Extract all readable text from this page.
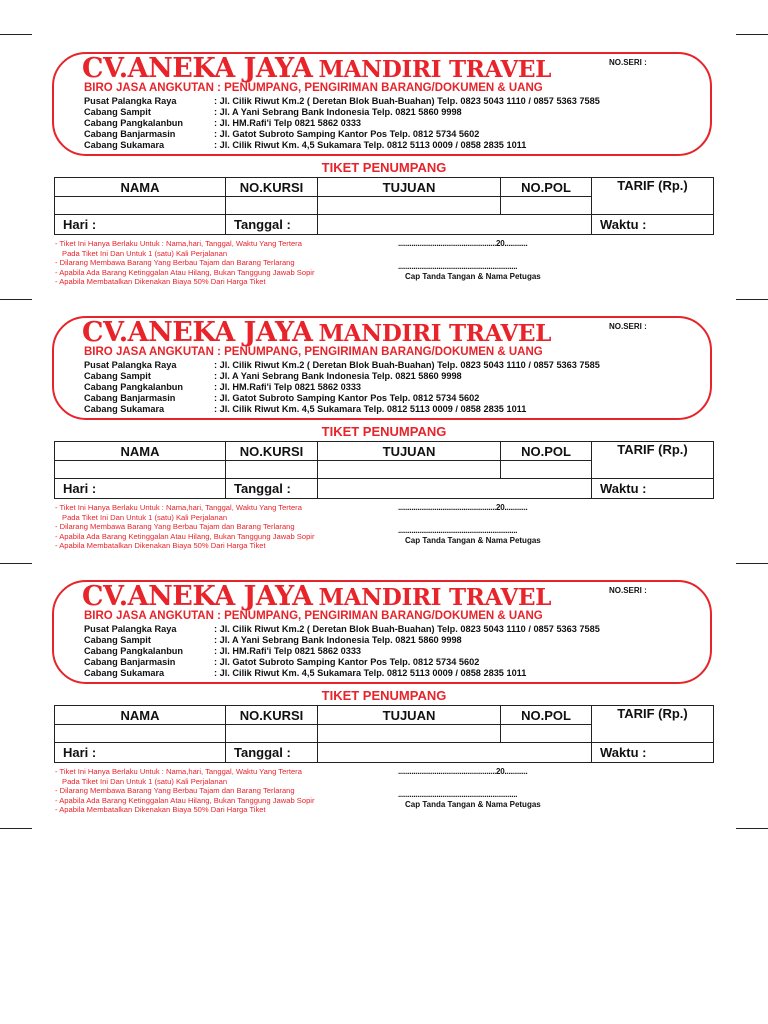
CV.ANEKA JAYA MANDIRI TRAVEL	NO.SERI :
BIRO JASA ANGKUTAN : PENUMPANG, PENGIRIMAN BARANG/DOKUMEN & UANG
Pusat Palangka Raya	: Jl. Cilik Riwut Km.2 ( Deretan Blok Buah-Buahan) Telp. 0823 5043 1110 / 0857 5363 7585
Cabang Sampit	: Jl. A Yani Sebrang Bank Indonesia Telp. 0821 5860 9998
Cabang Pangkalanbun	: Jl. HM.Rafi'i Telp 0821 5862 0333
Cabang Banjarmasin	: Jl. Gatot Subroto Samping Kantor Pos Telp. 0812 5734 5602
Cabang Sukamara	: Jl. Cilik Riwut Km. 4,5 Sukamara Telp. 0812 5113 0009 / 0858 2835 1011
TIKET PENUMPANG
NAMA	NO.KURSI	TUJUAN	NO.POL	TARIF (Rp.)

Hari :	Tanggal :			Waktu :
- Tiket Ini Hanya Berlaku Untuk : Nama,hari, Tanggal, Waktu Yang Tertera
Pada Tiket Ini Dan Untuk 1 (satu) Kali Perjalanan
- Dilarang Membawa Barang Yang Berbau Tajam dan Barang Terlarang
- Apabila Ada Barang Ketinggalan Atau Hilang, Bukan Tanggung Jawab Sopir
- Apabila Membatalkan Dikenakan Biaya 50% Dari Harga Tiket
...................................................20............
..............................................................
Cap Tanda Tangan & Nama Petugas
CV.ANEKA JAYA MANDIRI TRAVEL	NO.SERI :
BIRO JASA ANGKUTAN : PENUMPANG, PENGIRIMAN BARANG/DOKUMEN & UANG
Pusat Palangka Raya	: Jl. Cilik Riwut Km.2 ( Deretan Blok Buah-Buahan) Telp. 0823 5043 1110 / 0857 5363 7585
Cabang Sampit	: Jl. A Yani Sebrang Bank Indonesia Telp. 0821 5860 9998
Cabang Pangkalanbun	: Jl. HM.Rafi'i Telp 0821 5862 0333
Cabang Banjarmasin	: Jl. Gatot Subroto Samping Kantor Pos Telp. 0812 5734 5602
Cabang Sukamara	: Jl. Cilik Riwut Km. 4,5 Sukamara Telp. 0812 5113 0009 / 0858 2835 1011
TIKET PENUMPANG
NAMA	NO.KURSI	TUJUAN	NO.POL	TARIF (Rp.)

Hari :	Tanggal :			Waktu :
- Tiket Ini Hanya Berlaku Untuk : Nama,hari, Tanggal, Waktu Yang Tertera
Pada Tiket Ini Dan Untuk 1 (satu) Kali Perjalanan
- Dilarang Membawa Barang Yang Berbau Tajam dan Barang Terlarang
- Apabila Ada Barang Ketinggalan Atau Hilang, Bukan Tanggung Jawab Sopir
- Apabila Membatalkan Dikenakan Biaya 50% Dari Harga Tiket
...................................................20............
..............................................................
Cap Tanda Tangan & Nama Petugas
CV.ANEKA JAYA MANDIRI TRAVEL	NO.SERI :
BIRO JASA ANGKUTAN : PENUMPANG, PENGIRIMAN BARANG/DOKUMEN & UANG
Pusat Palangka Raya	: Jl. Cilik Riwut Km.2 ( Deretan Blok Buah-Buahan) Telp. 0823 5043 1110 / 0857 5363 7585
Cabang Sampit	: Jl. A Yani Sebrang Bank Indonesia Telp. 0821 5860 9998
Cabang Pangkalanbun	: Jl. HM.Rafi'i Telp 0821 5862 0333
Cabang Banjarmasin	: Jl. Gatot Subroto Samping Kantor Pos Telp. 0812 5734 5602
Cabang Sukamara	: Jl. Cilik Riwut Km. 4,5 Sukamara Telp. 0812 5113 0009 / 0858 2835 1011
TIKET PENUMPANG
NAMA	NO.KURSI	TUJUAN	NO.POL	TARIF (Rp.)

Hari :	Tanggal :			Waktu :
- Tiket Ini Hanya Berlaku Untuk : Nama,hari, Tanggal, Waktu Yang Tertera
Pada Tiket Ini Dan Untuk 1 (satu) Kali Perjalanan
- Dilarang Membawa Barang Yang Berbau Tajam dan Barang Terlarang
- Apabila Ada Barang Ketinggalan Atau Hilang, Bukan Tanggung Jawab Sopir
- Apabila Membatalkan Dikenakan Biaya 50% Dari Harga Tiket
...................................................20............
..............................................................
Cap Tanda Tangan & Nama Petugas
